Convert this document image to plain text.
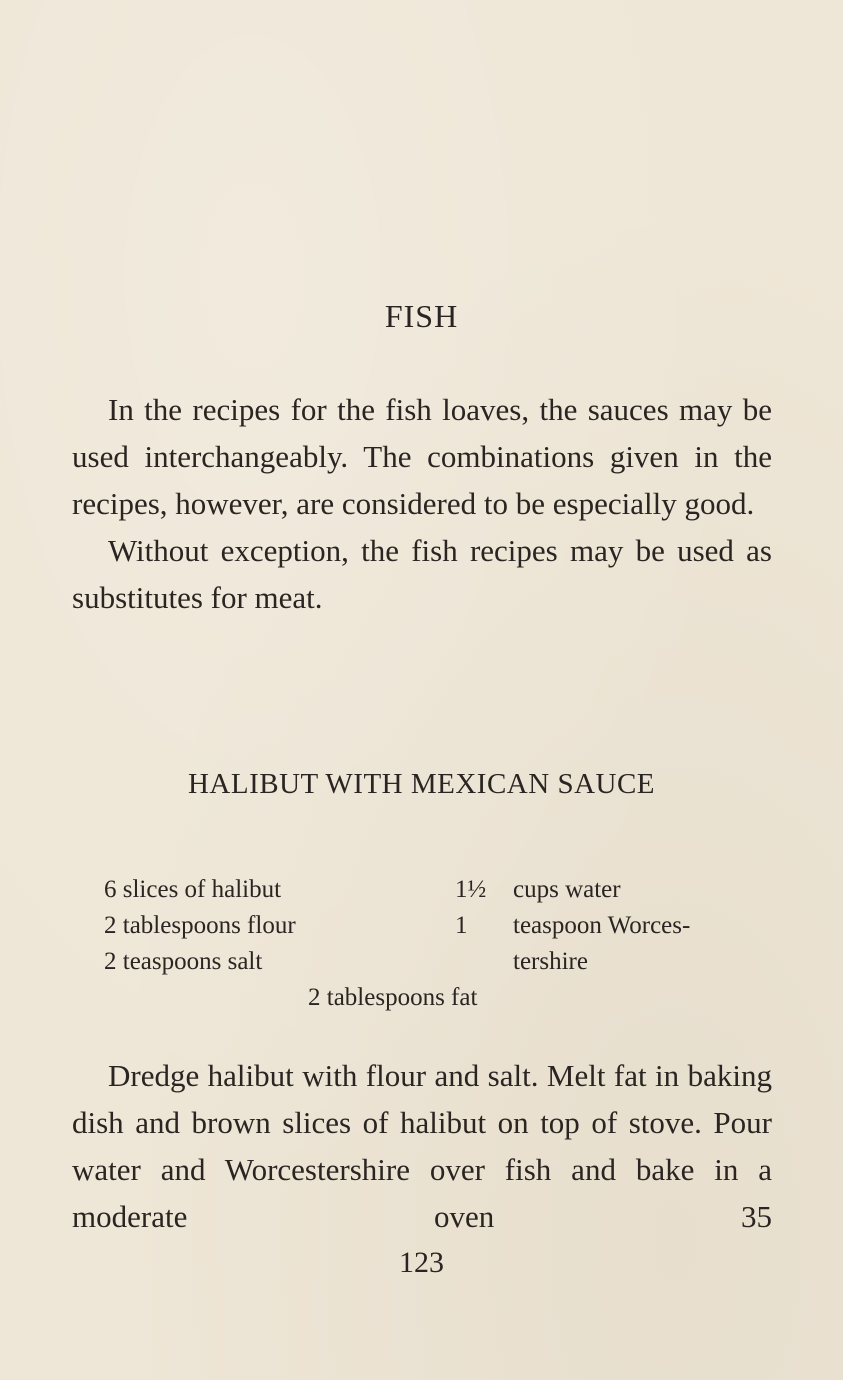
FISH

In the recipes for the fish loaves, the sauces may be used interchangeably. The combinations given in the recipes, however, are considered to be especially good.

Without exception, the fish recipes may be used as substitutes for meat.

HALIBUT WITH MEXICAN SAUCE
6 slices of halibut
2 tablespoons flour
2 teaspoons salt
1½	cups water
1	teaspoon Worces-
tershire
2 tablespoons fat

Dredge halibut with flour and salt. Melt fat in baking dish and brown slices of halibut on top of stove. Pour water and Worcestershire over fish and bake in a moderate oven 35

123
